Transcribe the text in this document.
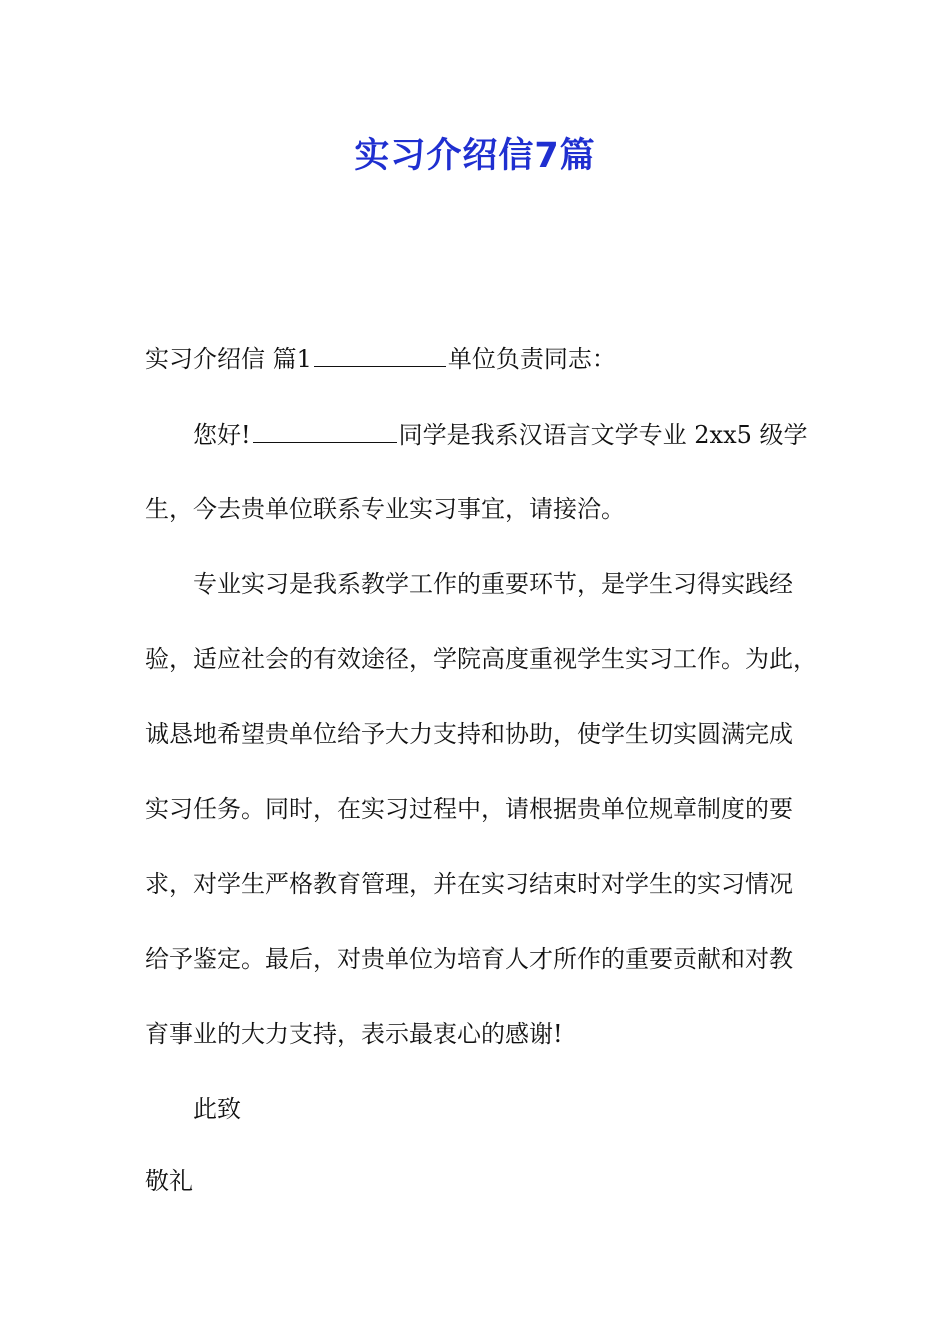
实习介绍信7篇
实习介绍信 篇1	单位负责同志：
您好!	同学是我系汉语言文学专业 2xx5 级学
生，今去贵单位联系专业实习事宜，请接洽。
专业实习是我系教学工作的重要环节，是学生习得实践经
验，适应社会的有效途径，学院高度重视学生实习工作。为此，
诚恳地希望贵单位给予大力支持和协助，使学生切实圆满完成
实习任务。同时，在实习过程中，请根据贵单位规章制度的要
求，对学生严格教育管理，并在实习结束时对学生的实习情况
给予鉴定。最后，对贵单位为培育人才所作的重要贡献和对教
育事业的大力支持，表示最衷心的感谢!
此致
敬礼
